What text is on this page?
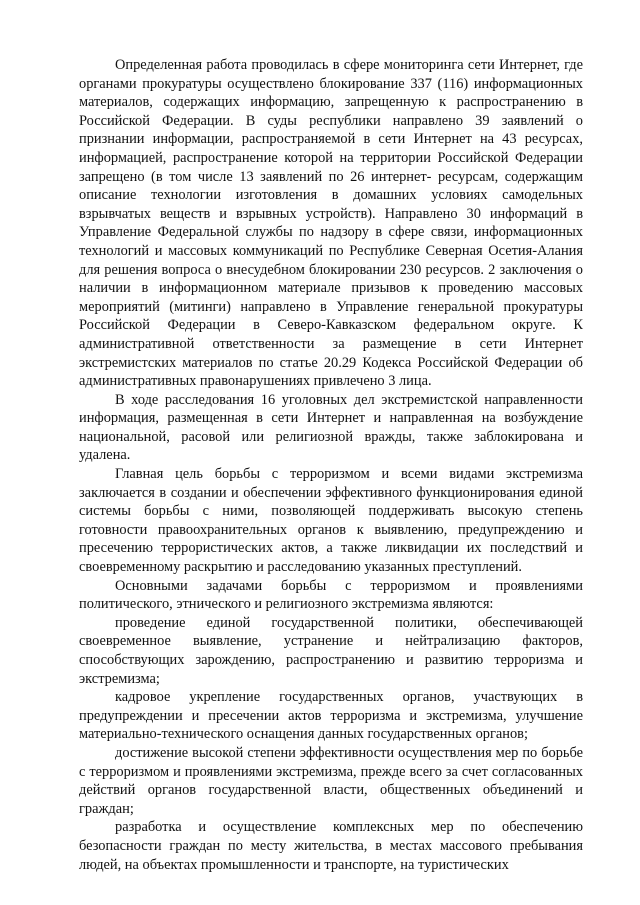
Определенная работа проводилась в сфере мониторинга сети Интернет, где органами прокуратуры осуществлено блокирование 337 (116) информационных материалов, содержащих информацию, запрещенную к распространению в Российской Федерации. В суды республики направлено 39 заявлений о признании информации, распространяемой в сети Интернет на 43 ресурсах, информацией, распространение которой на территории Российской Федерации запрещено (в том числе 13 заявлений по 26 интернет- ресурсам, содержащим описание технологии изготовления в домашних условиях самодельных взрывчатых веществ и взрывных устройств). Направлено 30 информаций в Управление Федеральной службы по надзору в сфере связи, информационных технологий и массовых коммуникаций по Республике Северная Осетия-Алания для решения вопроса о внесудебном блокировании 230 ресурсов. 2 заключения о наличии в информационном материале призывов к проведению массовых мероприятий (митинги) направлено в Управление генеральной прокуратуры Российской Федерации в Северо-Кавказском федеральном округе. К административной ответственности за размещение в сети Интернет экстремистских материалов по статье 20.29 Кодекса Российской Федерации об административных правонарушениях привлечено 3 лица.

В ходе расследования 16 уголовных дел экстремистской направленности информация, размещенная в сети Интернет и направленная на возбуждение национальной, расовой или религиозной вражды, также заблокирована и удалена.

Главная цель борьбы с терроризмом и всеми видами экстремизма заключается в создании и обеспечении эффективного функционирования единой системы борьбы с ними, позволяющей поддерживать высокую степень готовности правоохранительных органов к выявлению, предупреждению и пресечению террористических актов, а также ликвидации их последствий и своевременному раскрытию и расследованию указанных преступлений.

Основными задачами борьбы с терроризмом и проявлениями политического, этнического и религиозного экстремизма являются:

проведение единой государственной политики, обеспечивающей своевременное выявление, устранение и нейтрализацию факторов, способствующих зарождению, распространению и развитию терроризма и экстремизма;

кадровое укрепление государственных органов, участвующих в предупреждении и пресечении актов терроризма и экстремизма, улучшение материально-технического оснащения данных государственных органов;

достижение высокой степени эффективности осуществления мер по борьбе с терроризмом и проявлениями экстремизма, прежде всего за счет согласованных действий органов государственной власти, общественных объединений и граждан;

разработка и осуществление комплексных мер по обеспечению безопасности граждан по месту жительства, в местах массового пребывания людей, на объектах промышленности и транспорте, на туристических
